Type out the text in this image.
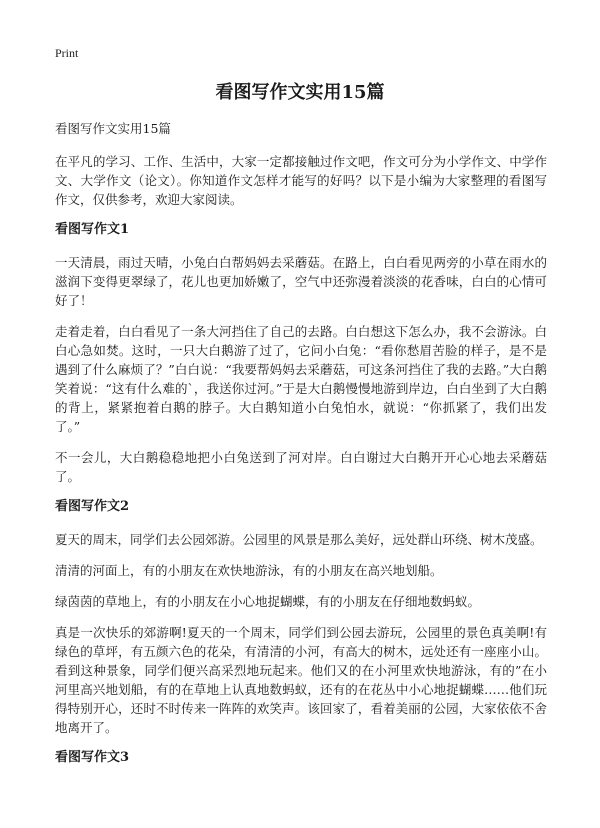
Print
看图写作文实用15篇

看图写作文实用15篇

在平凡的学习、工作、生活中，大家一定都接触过作文吧，作文可分为小学作文、中学作文、大学作文（论文）。你知道作文怎样才能写的好吗？以下是小编为大家整理的看图写作文，仅供参考，欢迎大家阅读。

看图写作文1

一天清晨，雨过天晴，小兔白白帮妈妈去采蘑菇。在路上，白白看见两旁的小草在雨水的滋润下变得更翠绿了，花儿也更加娇嫩了，空气中还弥漫着淡淡的花香味，白白的心情可好了！

走着走着，白白看见了一条大河挡住了自己的去路。白白想这下怎么办，我不会游泳。白白心急如焚。这时，一只大白鹅游了过了，它问小白兔：“看你愁眉苦脸的样子，是不是遇到了什么麻烦了？”白白说：“我要帮妈妈去采蘑菇，可这条河挡住了我的去路。”大白鹅笑着说：“这有什么难的`，我送你过河。”于是大白鹅慢慢地游到岸边，白白坐到了大白鹅的背上，紧紧抱着白鹅的脖子。大白鹅知道小白兔怕水，就说：“你抓紧了，我们出发了。”

不一会儿，大白鹅稳稳地把小白兔送到了河对岸。白白谢过大白鹅开开心心地去采蘑菇了。

看图写作文2

夏天的周末，同学们去公园郊游。公园里的风景是那么美好，远处群山环绕、树木茂盛。

清清的河面上，有的小朋友在欢快地游泳，有的小朋友在高兴地划船。

绿茵茵的草地上，有的小朋友在小心地捉蝴蝶，有的小朋友在仔细地数蚂蚁。

真是一次快乐的郊游啊!夏天的一个周末，同学们到公园去游玩，公园里的景色真美啊!有绿色的草坪，有五颜六色的花朵，有清清的小河，有高大的树木，远处还有一座座小山。看到这种景象，同学们便兴高采烈地玩起来。他们又的在小河里欢快地游泳，有的”在小河里高兴地划船，有的在草地上认真地数蚂蚁，还有的在花丛中小心地捉蝴蝶……他们玩得特别开心，还时不时传来一阵阵的欢笑声。该回家了，看着美丽的公园，大家依依不舍地离开了。

看图写作文3
